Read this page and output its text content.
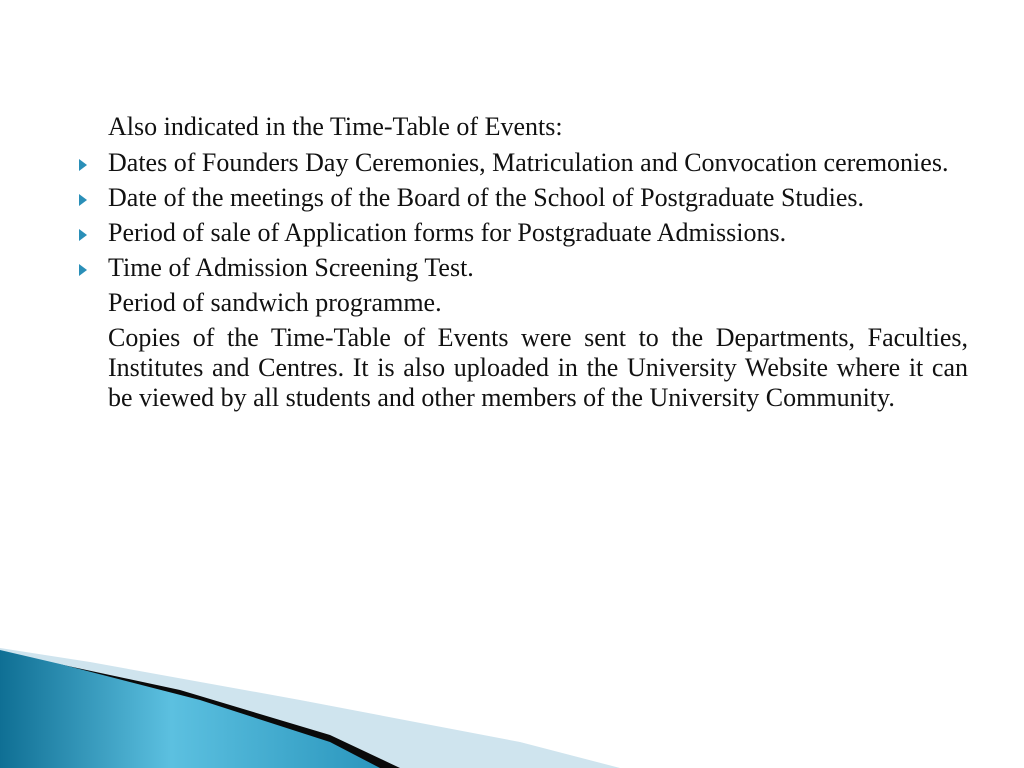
Also indicated in the Time-Table of Events:

Dates of Founders Day Ceremonies, Matriculation and Convocation ceremonies.

Date of the meetings of the Board of the School of Postgraduate Studies.

Period of sale of Application forms for Postgraduate Admissions.

Time of Admission Screening Test.

Period of sandwich programme.

Copies of the Time-Table of Events were sent to the Departments, Faculties, Institutes and Centres. It is also uploaded in the University Website where it can be viewed by all students and other members of the University Community.
